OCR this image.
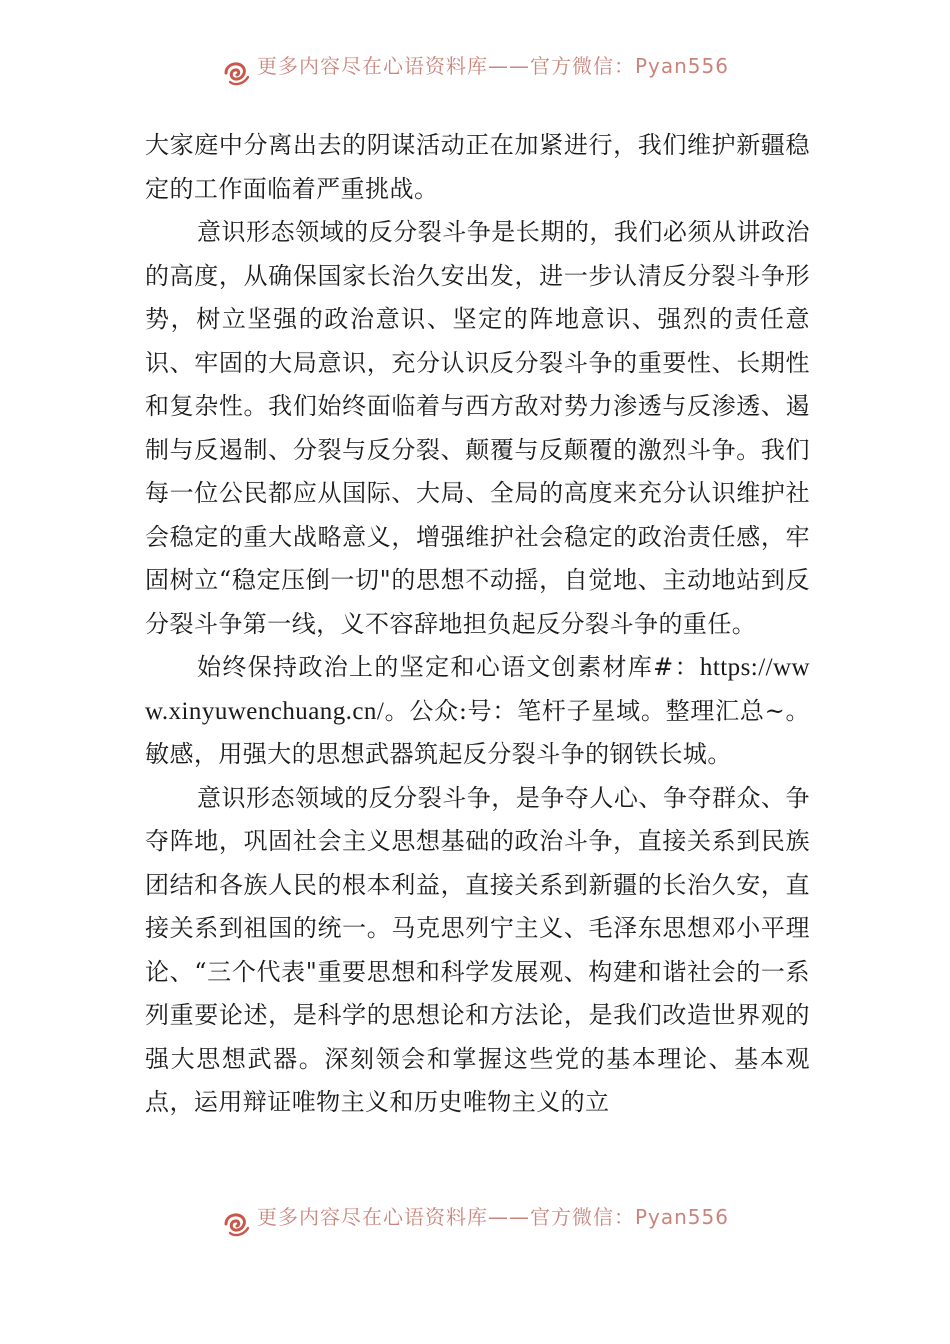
更多内容尽在心语资料库——官方微信：Pyan556

大家庭中分离出去的阴谋活动正在加紧进行，我们维护新疆稳定的工作面临着严重挑战。

意识形态领域的反分裂斗争是长期的，我们必须从讲政治的高度，从确保国家长治久安出发，进一步认清反分裂斗争形势，树立坚强的政治意识、坚定的阵地意识、强烈的责任意识、牢固的大局意识，充分认识反分裂斗争的重要性、长期性和复杂性。我们始终面临着与西方敌对势力渗透与反渗透、遏制与反遏制、分裂与反分裂、颠覆与反颠覆的激烈斗争。我们每一位公民都应从国际、大局、全局的高度来充分认识维护社会稳定的重大战略意义，增强维护社会稳定的政治责任感，牢固树立“稳定压倒一切"的思想不动摇，自觉地、主动地站到反分裂斗争第一线，义不容辞地担负起反分裂斗争的重任。

始终保持政治上的坚定和心语文创素材库#：https://www.xinyuwenchuang.cn/。公众:号：笔杆子星域。整理汇总~。敏感，用强大的思想武器筑起反分裂斗争的钢铁长城。

意识形态领域的反分裂斗争，是争夺人心、争夺群众、争夺阵地，巩固社会主义思想基础的政治斗争，直接关系到民族团结和各族人民的根本利益，直接关系到新疆的长治久安，直接关系到祖国的统一。马克思列宁主义、毛泽东思想邓小平理论、“三个代表"重要思想和科学发展观、构建和谐社会的一系列重要论述，是科学的思想论和方法论，是我们改造世界观的强大思想武器。深刻领会和掌握这些党的基本理论、基本观点，运用辩证唯物主义和历史唯物主义的立

更多内容尽在心语资料库——官方微信：Pyan556
